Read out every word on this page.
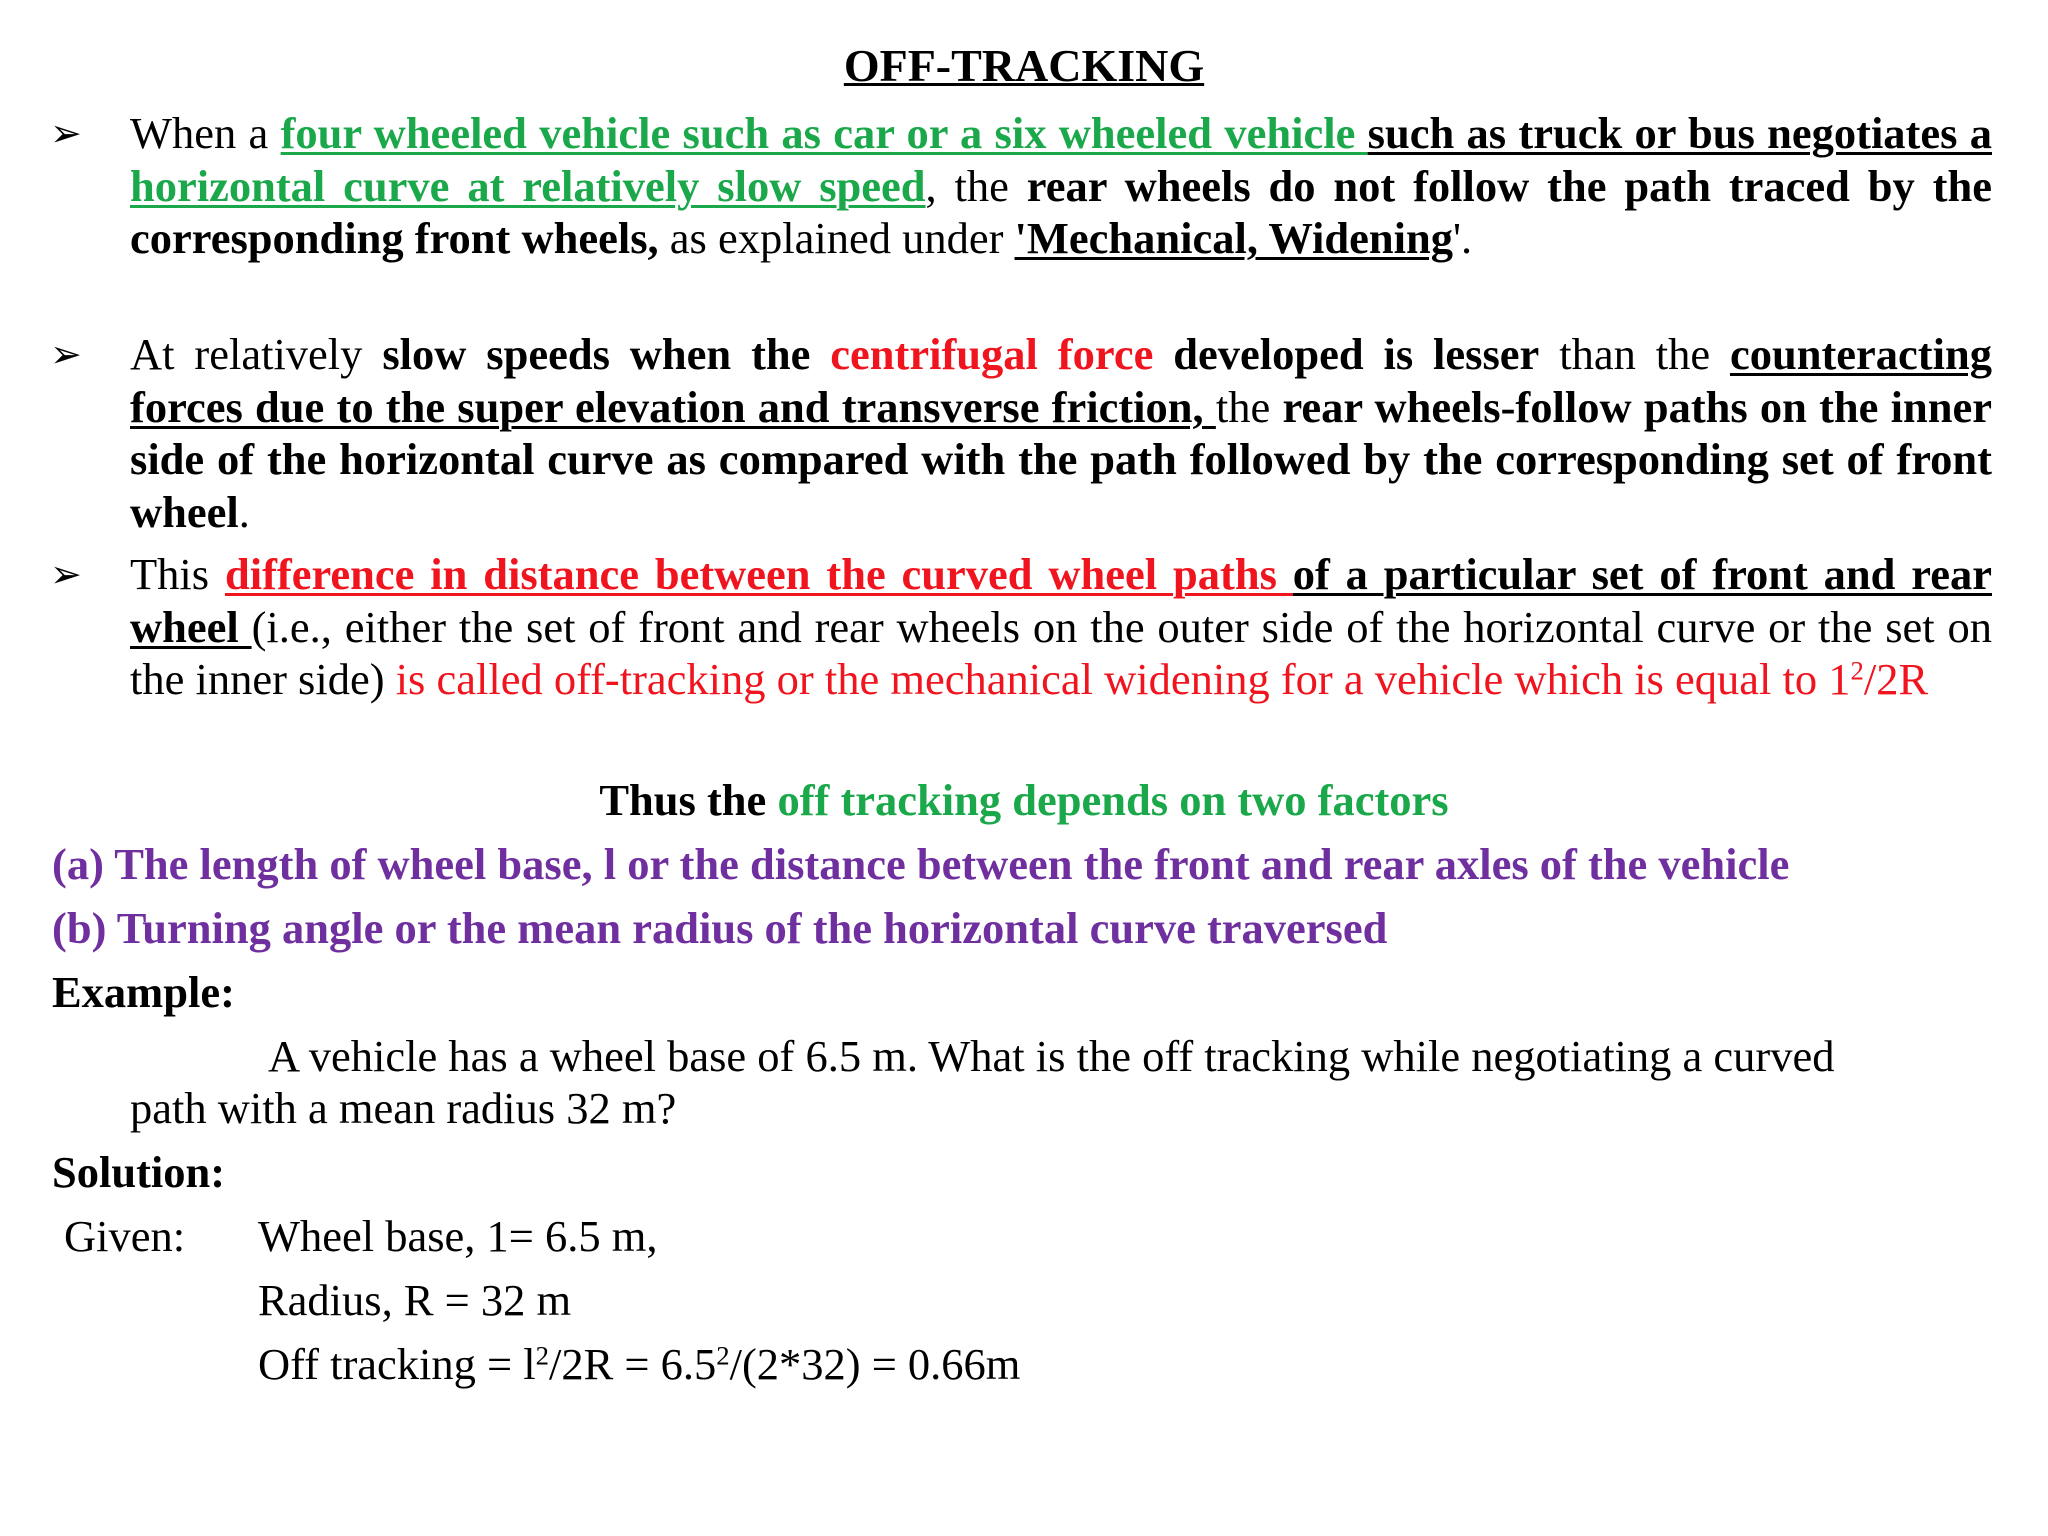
OFF-TRACKING
➢ When a four wheeled vehicle such as car or a six wheeled vehicle such as truck or bus negotiates a horizontal curve at relatively slow speed, the rear wheels do not follow the path traced by the corresponding front wheels, as explained under 'Mechanical, Widening'.
➢ At relatively slow speeds when the centrifugal force developed is lesser than the counteracting forces due to the super elevation and transverse friction, the rear wheels-follow paths on the inner side of the horizontal curve as compared with the path followed by the corresponding set of front wheel.
➢ This difference in distance between the curved wheel paths of a particular set of front and rear wheel (i.e., either the set of front and rear wheels on the outer side of the horizontal curve or the set on the inner side) is called off-tracking or the mechanical widening for a vehicle which is equal to $1^2/2R$
Thus the off tracking depends on two factors
(a) The length of wheel base, l or the distance between the front and rear axles of the vehicle
(b) Turning angle or the mean radius of the horizontal curve traversed
Example:
A vehicle has a wheel base of 6.5 m. What is the off tracking while negotiating a curved
path with a mean radius 32 m?
Solution:
Given: Wheel base, 1= 6.5 m,
Radius, R = 32 m
Off tracking = $l^2/2R = 6.5^2/(2*32) = 0.66m$
